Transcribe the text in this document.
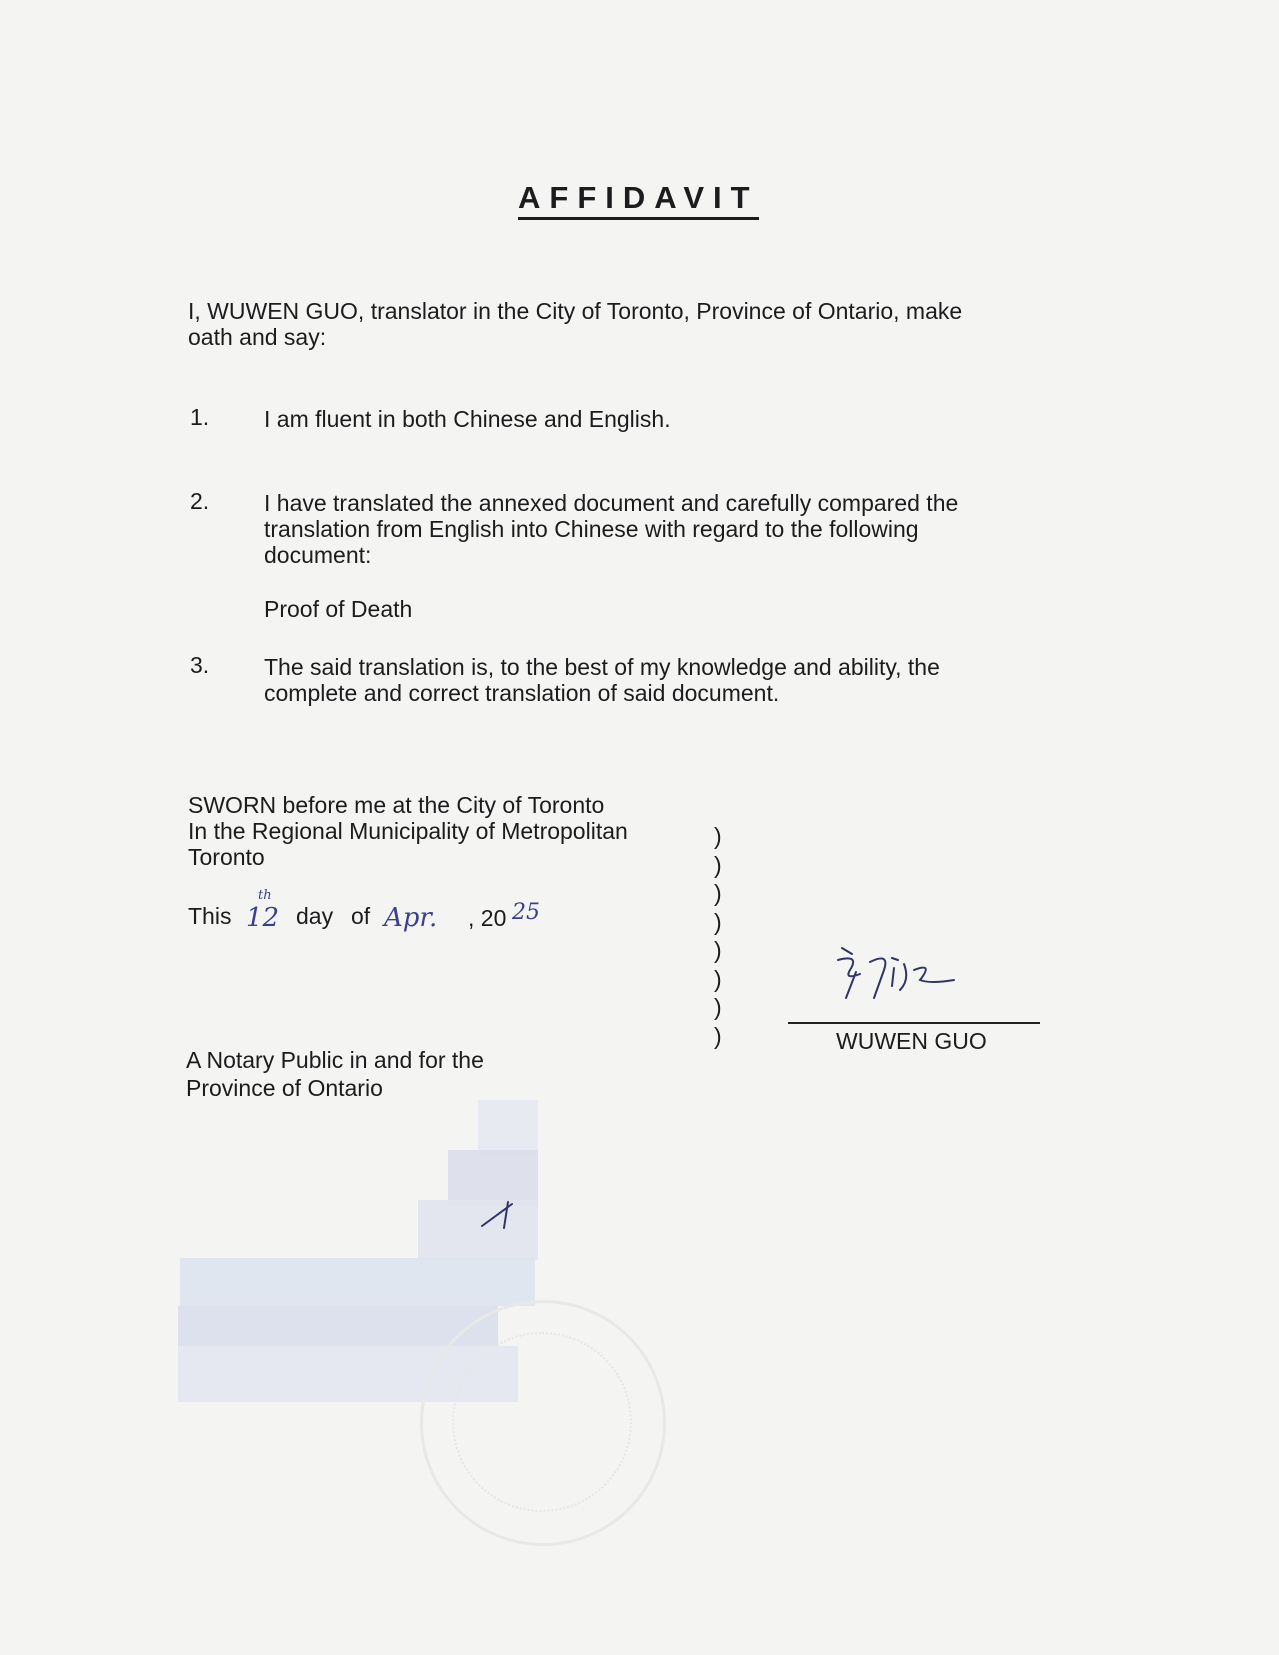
AFFIDAVIT
I, WUWEN GUO, translator in the City of Toronto, Province of Ontario, make
oath and say:
1. I am fluent in both Chinese and English.
2. I have translated the annexed document and carefully compared the
translation from English into Chinese with regard to the following
document:
Proof of Death
3. The said translation is, to the best of my knowledge and ability, the
complete and correct translation of said document.
SWORN before me at the City of Toronto
In the Regional Municipality of Metropolitan
Toronto
This 12
th
day of Apr. , 20 25
A Notary Public in and for the
Province of Ontario
)
)
)
)
)
)
)
)	WUWEN GUO
